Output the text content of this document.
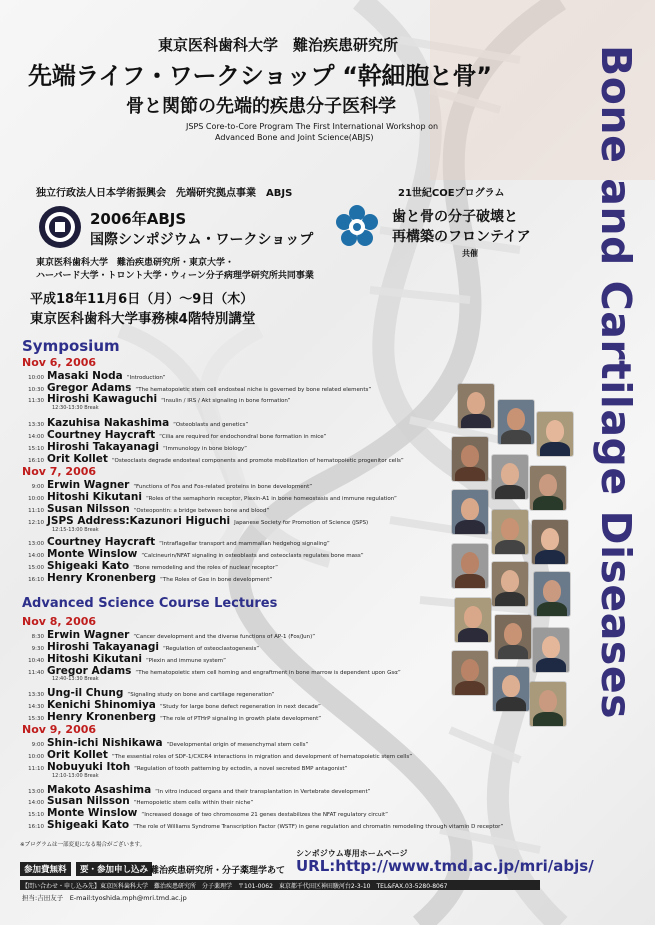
東京医科歯科大学　難治疾患研究所
先端ライフ・ワークショップ “幹細胞と骨”
骨と関節の先端的疾患分子医科学
JSPS Core-to-Core Program The First International Workshop on
Advanced Bone and Joint Science(ABJS)
独立行政法人日本学術振興会　先端研究拠点事業　ABJS	21世紀COEプログラム
2006年ABJS
国際シンポジウム・ワークショップ
歯と骨の分子破壊と
再構築のフロンテイア
共催
東京医科歯科大学　難治疾患研究所・東京大学・
ハーバード大学・トロント大学・ウィーン分子病理学研究所共同事業
平成18年11月6日（月）〜9日（木）
東京医科歯科大学事務棟4階特別講堂	Bone and Cartilage Diseases
Symposium
Nov 6, 2006
10:00 Masaki Noda “Introduction”
10:30 Gregor Adams “The hematopoietic stem cell endosteal niche is governed by bone related elements”
11:30 Hiroshi Kawaguchi “Insulin / IRS / Akt signaling in bone formation”
12:30-13:30 Break
13:30 Kazuhisa Nakashima “Osteoblasts and genetics”
14:00 Courtney Haycraft “Cilia are required for endochondral bone formation in mice”
15:10 Hiroshi Takayanagi “Immunology in bone biology”
16:10 Orit Kollet “Osteoclasts degrade endosteal components and promote mobilization of hematopoietic progenitor cells”
Nov 7, 2006
9:00 Erwin Wagner “Functions of Fos and Fos-related proteins in bone development”
10:00 Hitoshi Kikutani “Roles of the semaphorin receptor, Plexin-A1 in bone homeostasis and immune regulation”
11:10 Susan Nilsson “Osteopontin: a bridge between bone and blood”
12:10 JSPS Address:Kazunori Higuchi Japanese Society for Promotion of Science (JSPS)
12:15-13:00 Break
13:00 Courtney Haycraft “Intraflagellar transport and mammalian hedgehog signaling”
14:00 Monte Winslow “Calcineurin/NFAT signaling in osteoblasts and osteoclasts regulates bone mass”
15:00 Shigeaki Kato “Bone remodeling and the roles of nuclear receptor”
16:10 Henry Kronenberg “The Roles of Gsα in bone development”
Advanced Science Course Lectures
Nov 8, 2006
8:30 Erwin Wagner “Cancer development and the diverse functions of AP-1 (Fos/Jun)”
9:30 Hiroshi Takayanagi “Regulation of osteoclastogenesis”
10:40 Hitoshi Kikutani “Plexin and immune system”
11:40 Gregor Adams “The hematopoietic stem cell homing and engraftment in bone marrow is dependent upon Gsα”
12:40-13:30 Break
13:30 Ung-il Chung “Signaling study on bone and cartilage regeneration”
14:30 Kenichi Shinomiya “Study for large bone defect regeneration in next decade”
15:30 Henry Kronenberg “The role of PTHrP signaling in growth plate development”
Nov 9, 2006
9:00 Shin-ichi Nishikawa “Developmental origin of mesenchymal stem cells”
10:00 Orit Kollet “The essential roles of SDF-1/CXCR4 interactions in migration and development of hematopoietic stem cells”
11:10 Nobuyuki Itoh “Regulation of tooth patterning by ectodin, a novel secreted BMP antagonist”
12:10-13:00 Break
13:00 Makoto Asashima “In vitro induced organs and their transplantation in Vertebrate development”
14:00 Susan Nilsson “Hemopoietic stem cells within their niche”
15:10 Monte Winslow “Increased dosage of two chromosome 21 genes destabilizes the NFAT regulatory circuit”
16:10 Shigeaki Kato “The role of Williams Syndrome Transcription Factor (WSTF) in gene regulation and chromatin remodeling through vitamin D receptor”
※プログラムは一部変更になる場合がございます。
シンポジウム専用ホームページ
参加費無料	要・参加申し込み 難治疾患研究所・分子薬理学あて URL:http://www.tmd.ac.jp/mri/abjs/
【問い合わせ・申し込み先】東京医科歯科大学　難治疾患研究所　分子薬理学　〒101-0062　東京都千代田区神田駿河台2-3-10　TEL&FAX.03-5280-8067
担当:吉田友子　E-mail:tyoshida.mph@mri.tmd.ac.jp
